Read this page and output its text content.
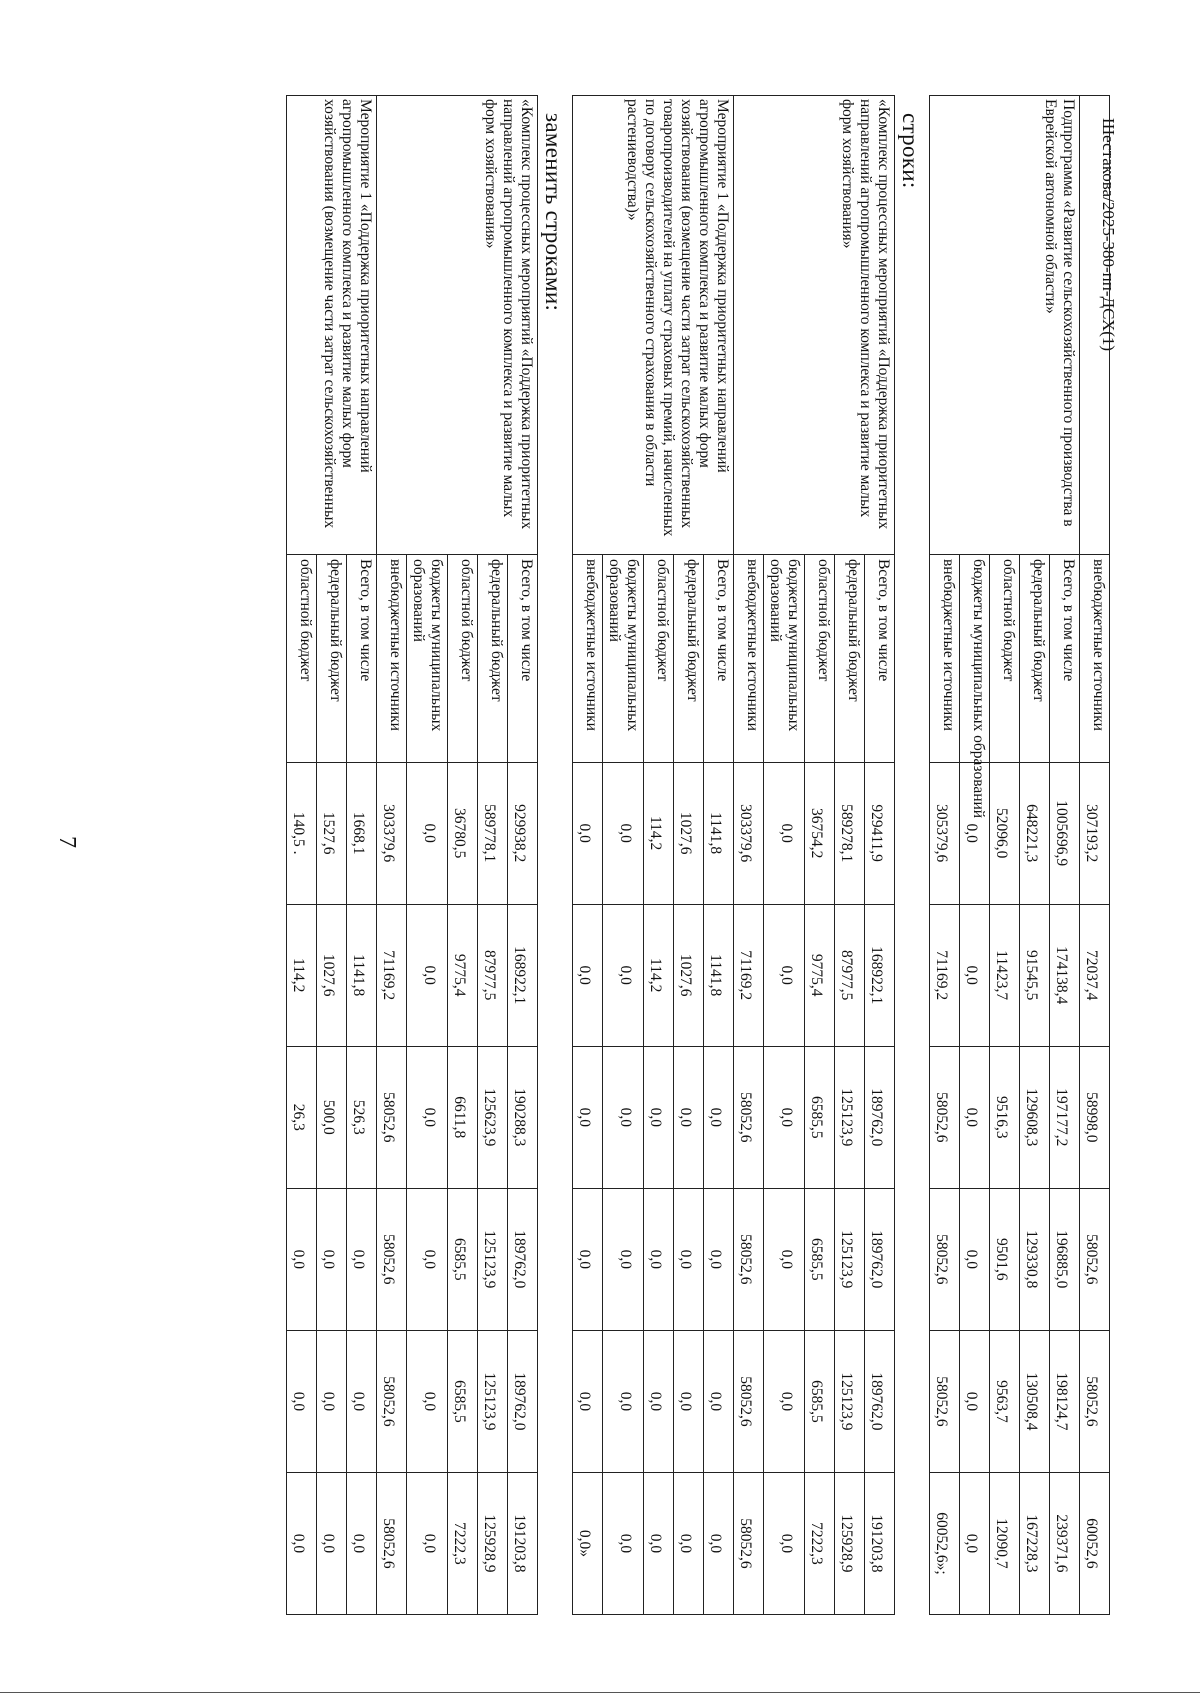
7
Шестакова/2025-380-пп-ДСХ(1)
	внебюджетные источники	307193,2	72037,4	58998,0	58052,6	58052,6	60052,6
Подпрограмма «Развитие сельскохозяйственного производства в Еврейской автономной области»	Всего, в том числе	1005696,9	174138,4	197177,2	196885,0	198124,7	239371,6
	федеральный бюджет	648221,3	91545,5	129608,3	129330,8	130508,4	167228,3
	областной бюджет	52096,0	11423,7	9516,3	9501,6	9563,7	12090,7
	бюджеты муниципальных образований	0,0	0,0	0,0	0,0	0,0	0,0
	внебюджетные источники	305379,6	71169,2	58052,6	58052,6	58052,6	60052,6»;
строки:
«Комплекс процессных мероприятий «Поддержка приоритетных направлений агропромышленного комплекса и развитие малых форм хозяйствования»	Всего, в том числе	929411,9	168922,1	189762,0	189762,0	189762,0	191203,8
	федеральный бюджет	589278,1	87977,5	125123,9	125123,9	125123,9	125928,9
	областной бюджет	36754,2	9775,4	6585,5	6585,5	6585,5	7222,3
	бюджеты муниципальных образований	0,0	0,0	0,0	0,0	0,0	0,0
	внебюджетные источники	303379,6	71169,2	58052,6	58052,6	58052,6	58052,6
Мероприятие 1 «Поддержка приоритетных направлений агропромышленного комплекса и развитие малых форм хозяйствования (возмещение части затрат сельскохозяйственных товаропроизводителей на уплату страховых премий, начисленных по договору сельскохозяйственного страхования в области растениеводства)»	Всего, в том числе	1141,8	1141,8	0,0	0,0	0,0	0,0
	федеральный бюджет	1027,6	1027,6	0,0	0,0	0,0	0,0
	областной бюджет	114,2	114,2	0,0	0,0	0,0	0,0
	бюджеты муниципальных образований	0,0	0,0	0,0	0,0	0,0	0,0
	внебюджетные источники	0,0	0,0	0,0	0,0	0,0	0,0»
заменить строками:
«Комплекс процессных мероприятий «Поддержка приоритетных направлений агропромышленного комплекса и развитие малых форм хозяйствования»	Всего, в том числе	929938,2	168922,1	190288,3	189762,0	189762,0	191203,8
	федеральный бюджет	589778,1	87977,5	125623,9	125123,9	125123,9	125928,9
	областной бюджет	36780,5	9775,4	6611,8	6585,5	6585,5	7222,3
	бюджеты муниципальных образований	0,0	0,0	0,0	0,0	0,0	0,0
	внебюджетные источники	303379,6	71169,2	58052,6	58052,6	58052,6	58052,6
Мероприятие 1 «Поддержка приоритетных направлений агропромышленного комплекса и развитие малых форм хозяйствования (возмещение части затрат сельскохозяйственных	Всего, в том числе	1668,1	1141,8	526,3	0,0	0,0	0,0
	федеральный бюджет	1527,6	1027,6	500,0	0,0	0,0	0,0
	областной бюджет	140,5 .	114,2	26,3	0,0	0,0	0,0
